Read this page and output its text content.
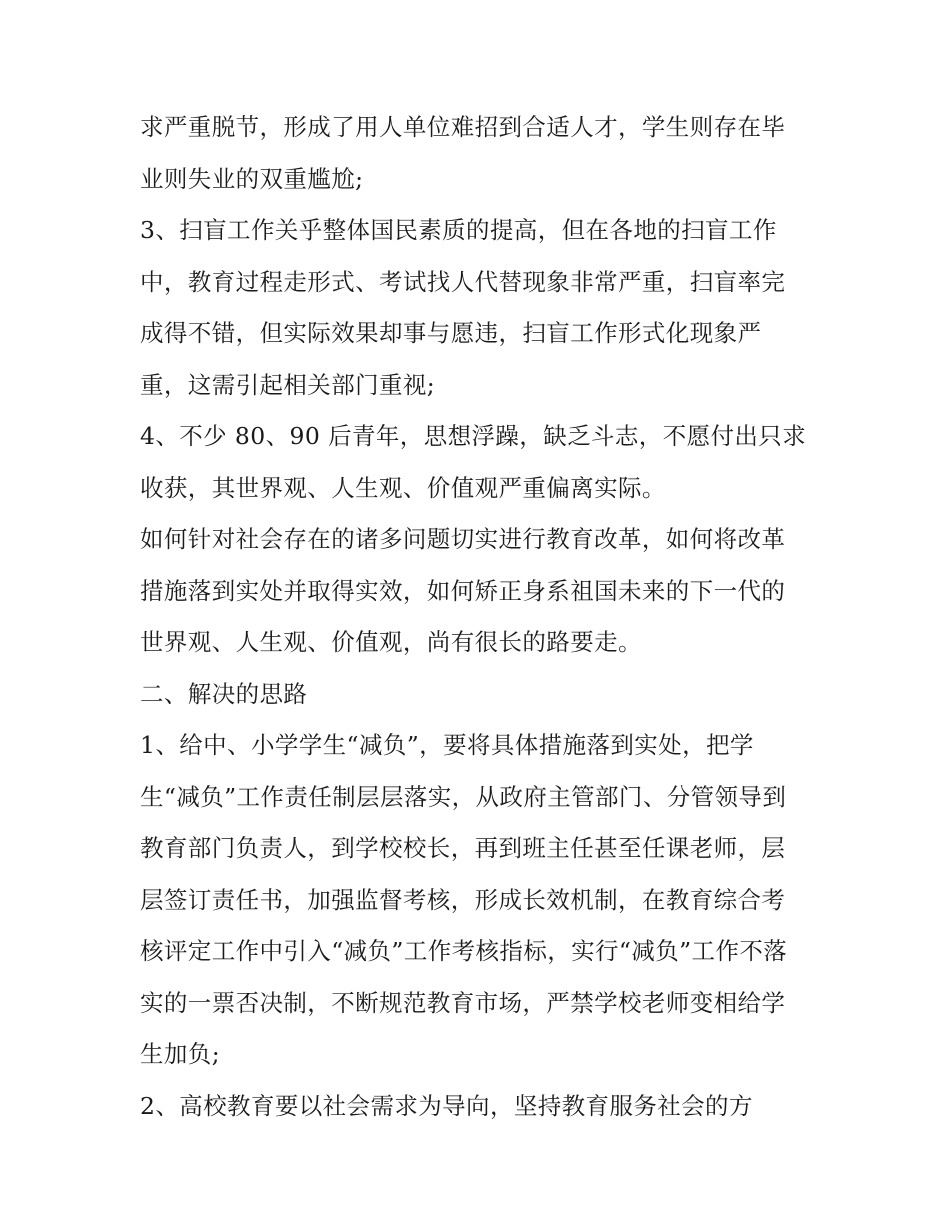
求严重脱节，形成了用人单位难招到合适人才，学生则存在毕
业则失业的双重尴尬;
3、扫盲工作关乎整体国民素质的提高，但在各地的扫盲工作
中，教育过程走形式、考试找人代替现象非常严重，扫盲率完
成得不错，但实际效果却事与愿违，扫盲工作形式化现象严
重，这需引起相关部门重视;
4、不少 80、90 后青年，思想浮躁，缺乏斗志，不愿付出只求
收获，其世界观、人生观、价值观严重偏离实际。
如何针对社会存在的诸多问题切实进行教育改革，如何将改革
措施落到实处并取得实效，如何矫正身系祖国未来的下一代的
世界观、人生观、价值观，尚有很长的路要走。
二、解决的思路
1、给中、小学学生“减负”，要将具体措施落到实处，把学
生“减负”工作责任制层层落实，从政府主管部门、分管领导到
教育部门负责人，到学校校长，再到班主任甚至任课老师，层
层签订责任书，加强监督考核，形成长效机制，在教育综合考
核评定工作中引入“减负”工作考核指标，实行“减负”工作不落
实的一票否决制，不断规范教育市场，严禁学校老师变相给学
生加负;
2、高校教育要以社会需求为导向，坚持教育服务社会的方
